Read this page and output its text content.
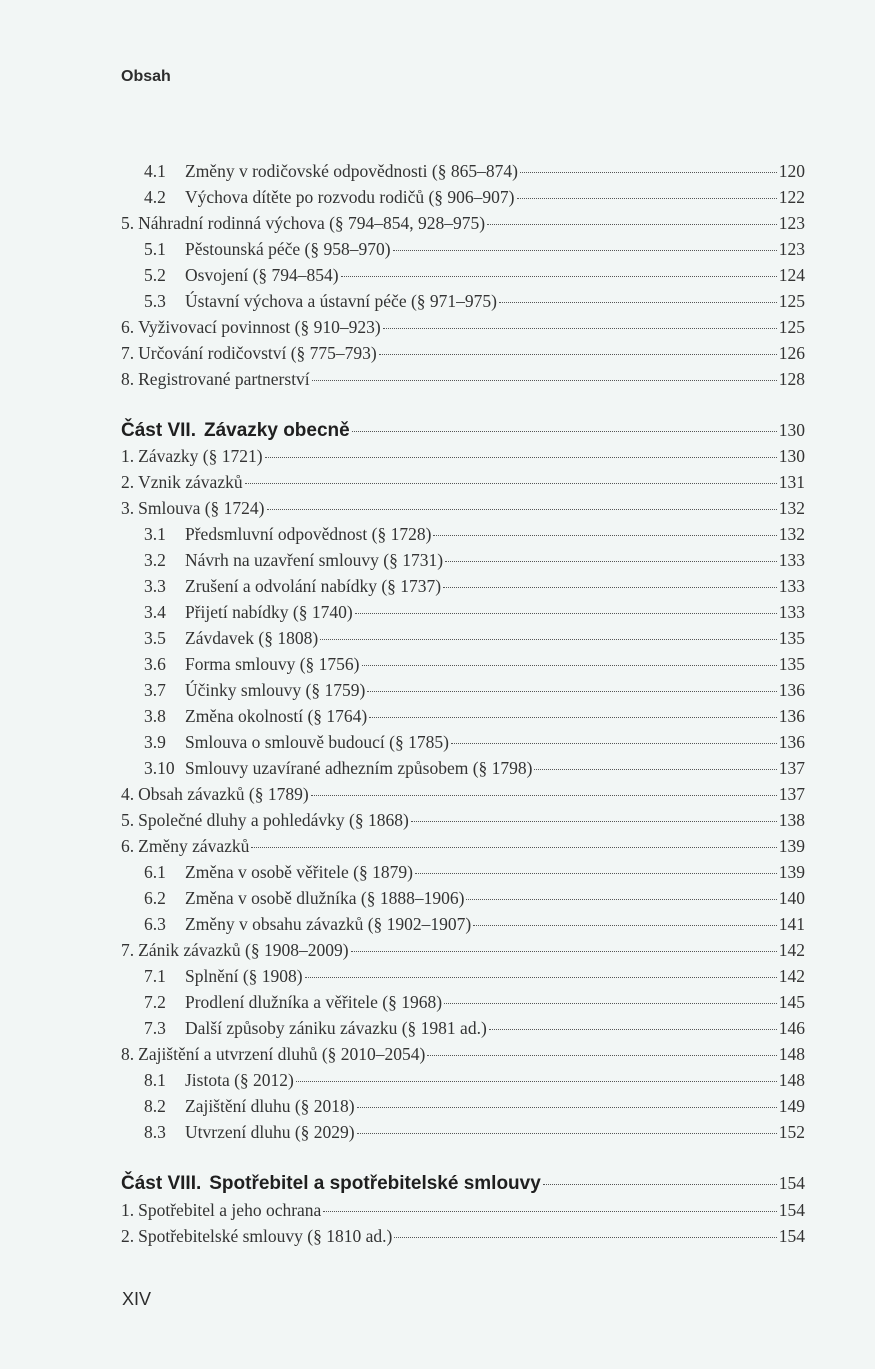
Obsah
4.1	Změny v rodičovské odpovědnosti (§ 865–874)	120
4.2	Výchova dítěte po rozvodu rodičů (§ 906–907)	122
5. Náhradní rodinná výchova (§ 794–854, 928–975)	123
5.1	Pěstounská péče (§ 958–970)	123
5.2	Osvojení (§ 794–854)	124
5.3	Ústavní výchova a ústavní péče (§ 971–975)	125
6. Vyživovací povinnost (§ 910–923)	125
7. Určování rodičovství (§ 775–793)	126
8. Registrované partnerství	128
Část VII. Závazky obecně	130
1. Závazky (§ 1721)	130
2. Vznik závazků	131
3. Smlouva (§ 1724)	132
3.1	Předsmluvní odpovědnost (§ 1728)	132
3.2	Návrh na uzavření smlouvy (§ 1731)	133
3.3	Zrušení a odvolání nabídky (§ 1737)	133
3.4	Přijetí nabídky (§ 1740)	133
3.5	Závdavek (§ 1808)	135
3.6	Forma smlouvy (§ 1756)	135
3.7	Účinky smlouvy (§ 1759)	136
3.8	Změna okolností (§ 1764)	136
3.9	Smlouva o smlouvě budoucí (§ 1785)	136
3.10 Smlouvy uzavírané adhezním způsobem (§ 1798)	137
4. Obsah závazků (§ 1789)	137
5. Společné dluhy a pohledávky (§ 1868)	138
6. Změny závazků	139
6.1	Změna v osobě věřitele (§ 1879)	139
6.2	Změna v osobě dlužníka (§ 1888–1906)	140
6.3	Změny v obsahu závazků (§ 1902–1907)	141
7. Zánik závazků (§ 1908–2009)	142
7.1	Splnění (§ 1908)	142
7.2	Prodlení dlužníka a věřitele (§ 1968)	145
7.3	Další způsoby zániku závazku (§ 1981 ad.)	146
8. Zajištění a utvrzení dluhů (§ 2010–2054)	148
8.1	Jistota (§ 2012)	148
8.2	Zajištění dluhu (§ 2018)	149
8.3	Utvrzení dluhu (§ 2029)	152
Část VIII. Spotřebitel a spotřebitelské smlouvy	154
1. Spotřebitel a jeho ochrana	154
2. Spotřebitelské smlouvy (§ 1810 ad.)	154
XIV
